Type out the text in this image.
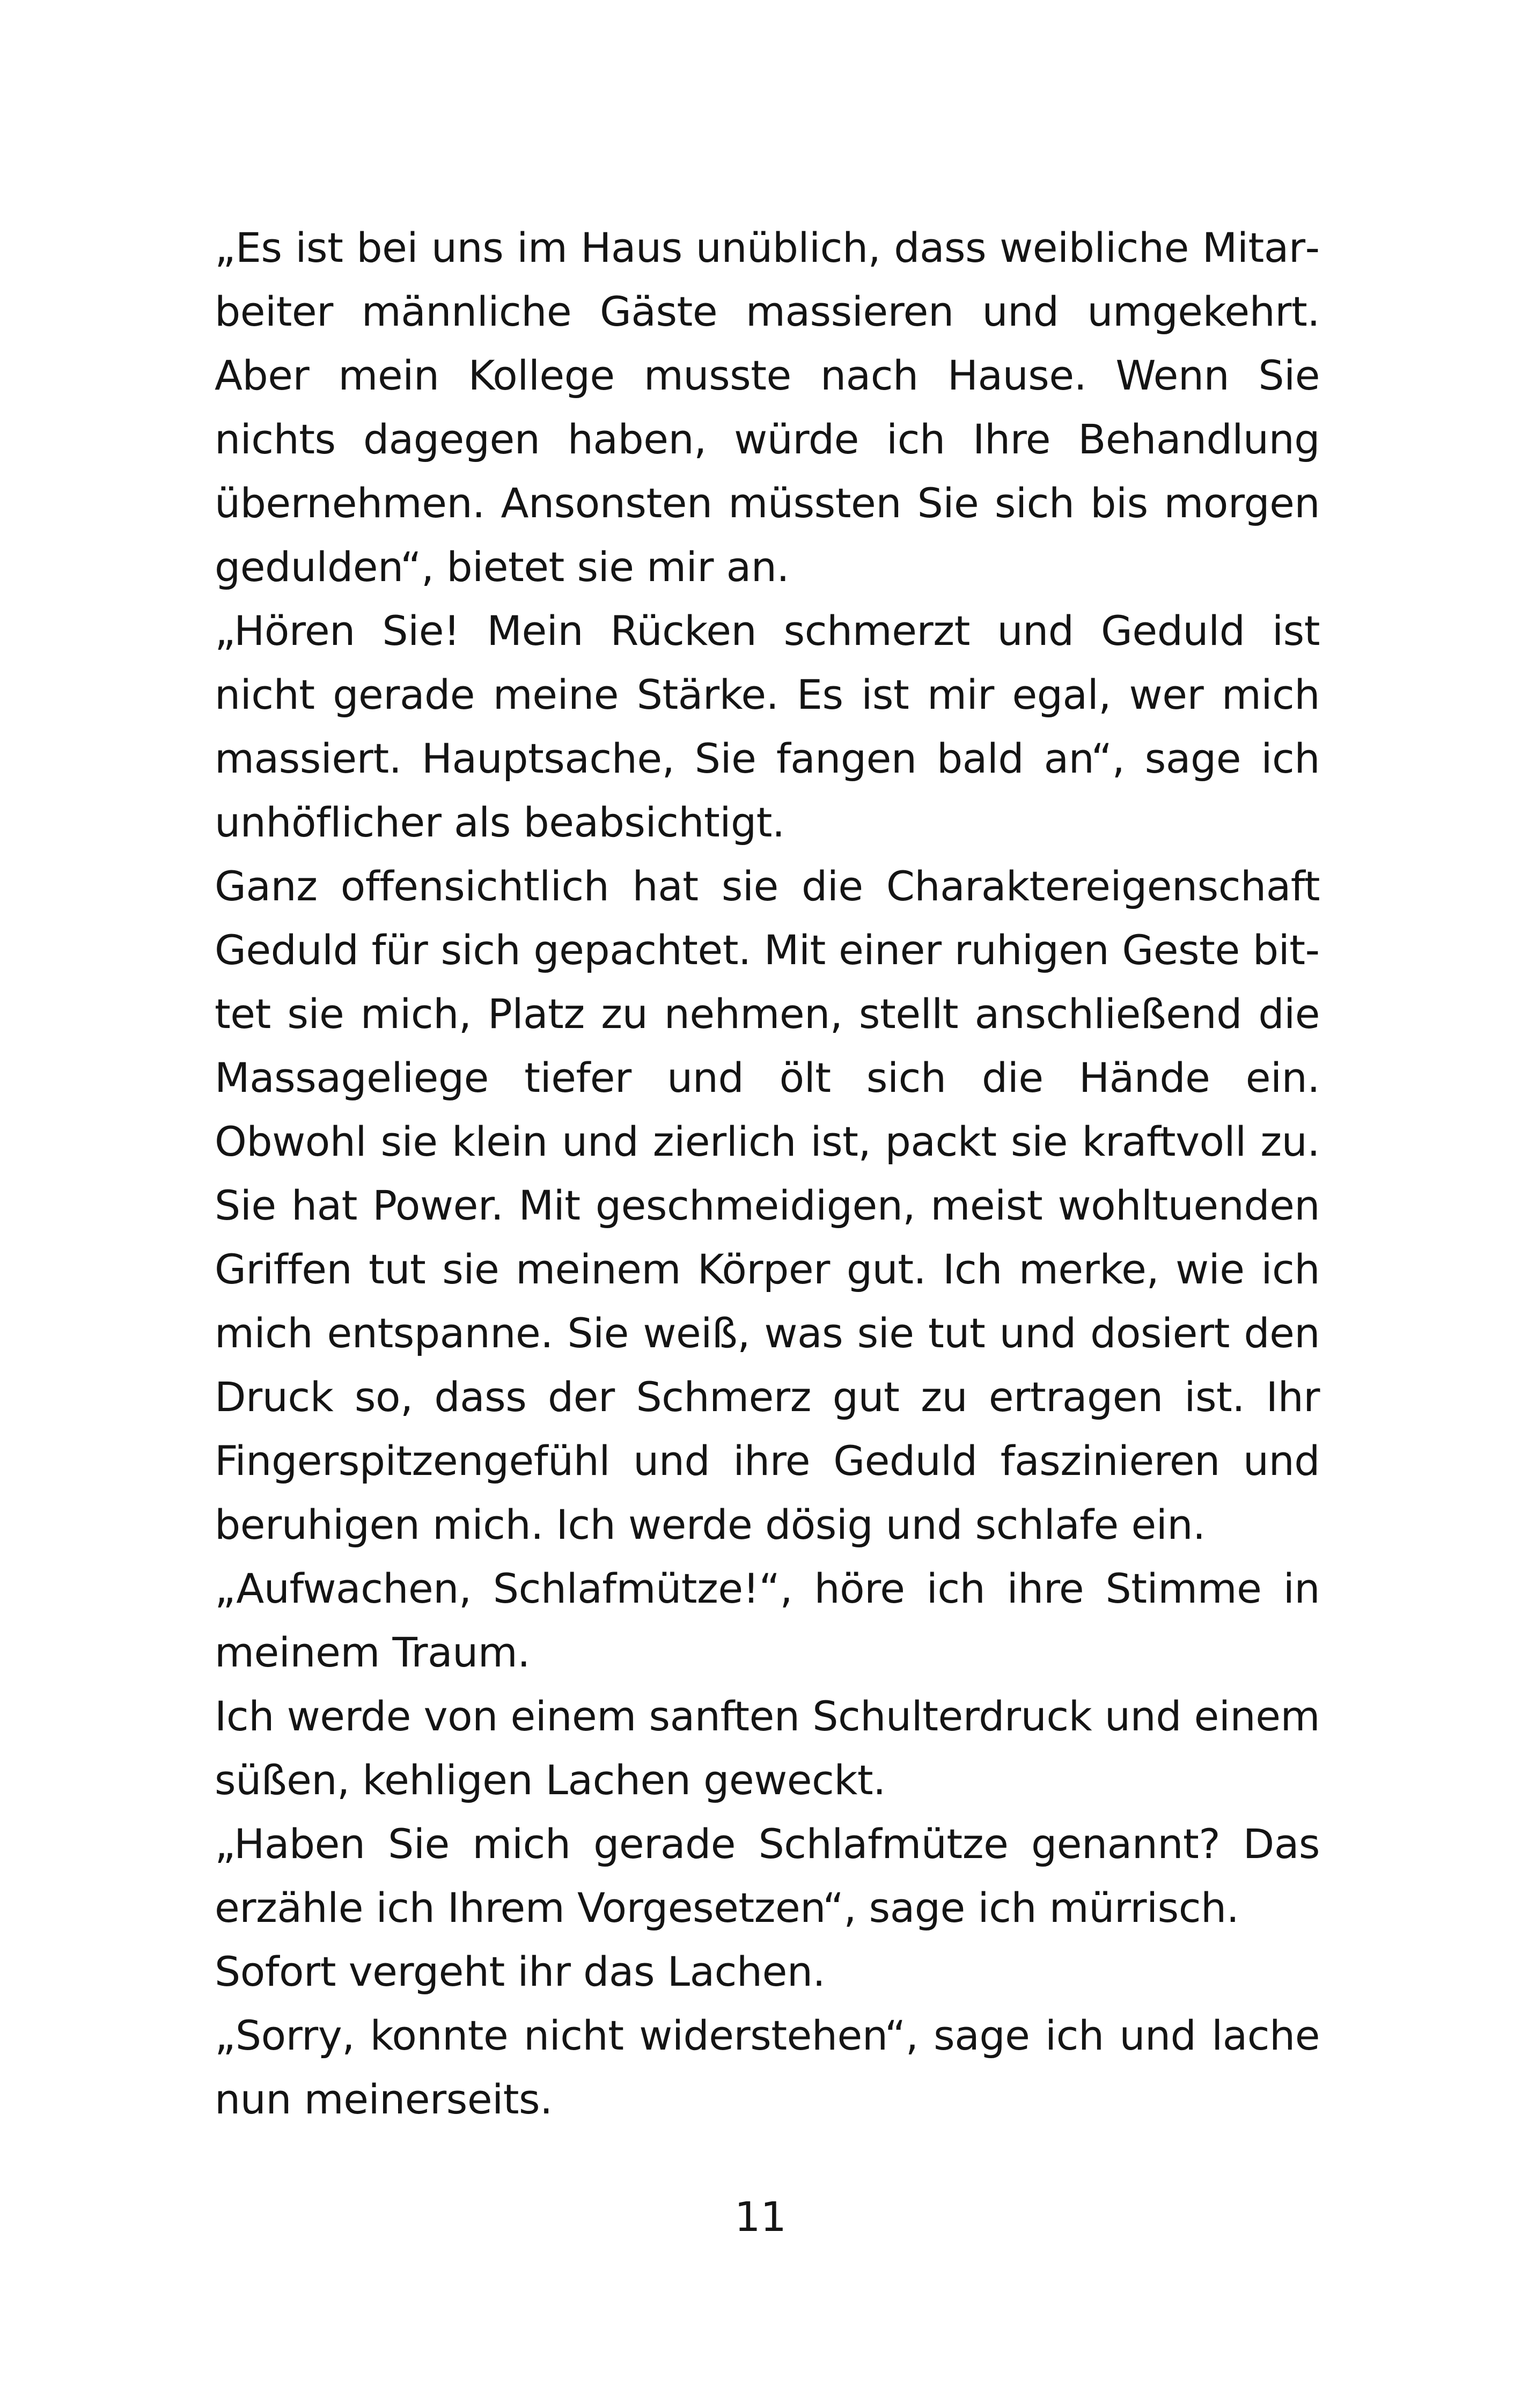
„Es ist bei uns im Haus unüblich, dass weibliche Mitarbeiter männliche Gäste massieren und umgekehrt. Aber mein Kollege musste nach Hause. Wenn Sie nichts dagegen haben, würde ich Ihre Behandlung übernehmen. Ansonsten müssten Sie sich bis morgen gedulden“, bietet sie mir an.

„Hören Sie! Mein Rücken schmerzt und Geduld ist nicht gerade meine Stärke. Es ist mir egal, wer mich massiert. Hauptsache, Sie fangen bald an“, sage ich unhöflicher als beabsichtigt.

Ganz offensichtlich hat sie die Charaktereigenschaft Geduld für sich gepachtet. Mit einer ruhigen Geste bittet sie mich, Platz zu nehmen, stellt anschließend die Massageliege tiefer und ölt sich die Hände ein. Obwohl sie klein und zierlich ist, packt sie kraftvoll zu. Sie hat Power. Mit geschmeidigen, meist wohltuenden Griffen tut sie meinem Körper gut. Ich merke, wie ich mich entspanne. Sie weiß, was sie tut und dosiert den Druck so, dass der Schmerz gut zu ertragen ist. Ihr Fingerspitzengefühl und ihre Geduld faszinieren und beruhigen mich. Ich werde dösig und schlafe ein.

„Aufwachen, Schlafmütze!“, höre ich ihre Stimme in meinem Traum.

Ich werde von einem sanften Schulterdruck und einem süßen, kehligen Lachen geweckt.

„Haben Sie mich gerade Schlafmütze genannt? Das erzähle ich Ihrem Vorgesetzen“, sage ich mürrisch.

Sofort vergeht ihr das Lachen.

„Sorry, konnte nicht widerstehen“, sage ich und lache nun meinerseits.

11
